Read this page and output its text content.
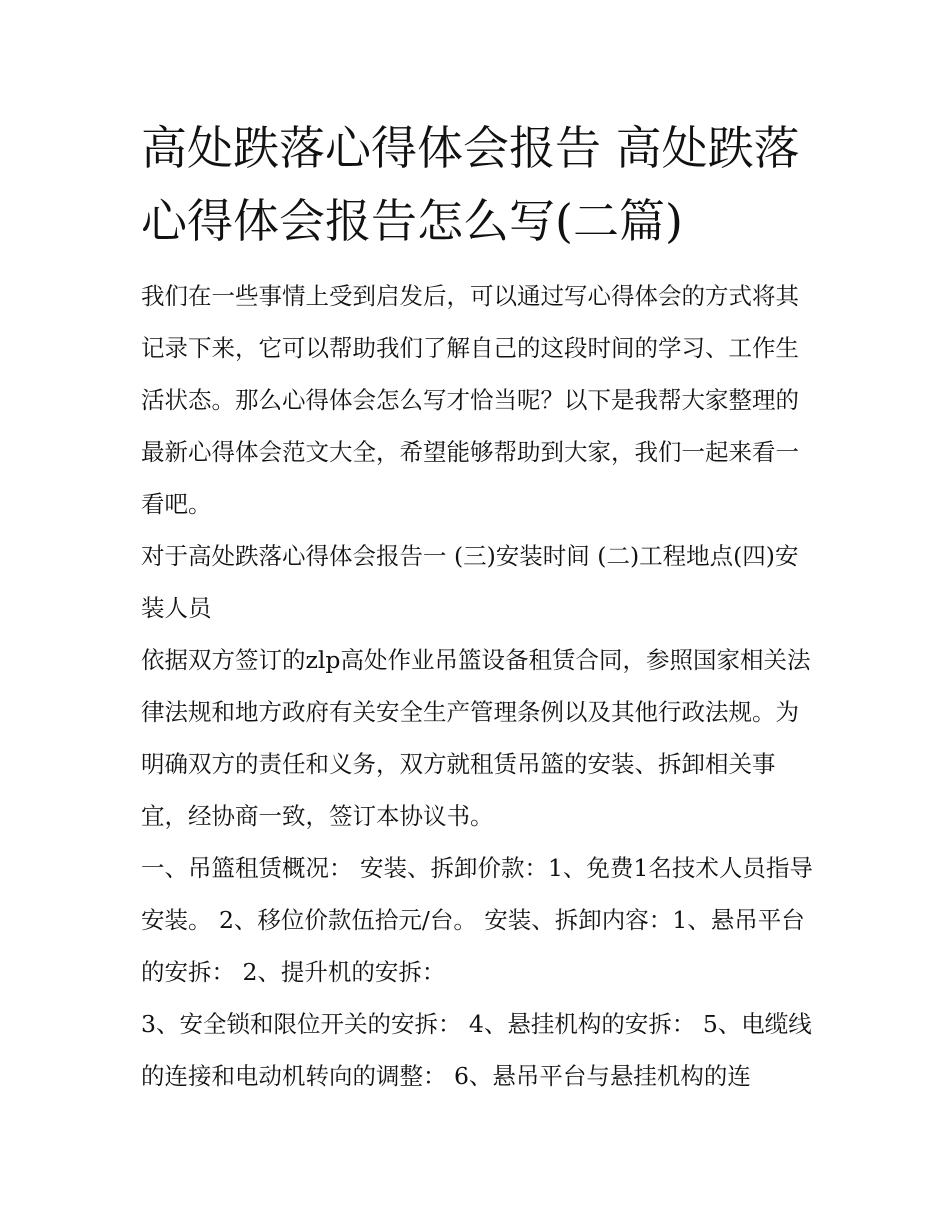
高处跌落心得体会报告 高处跌落心得体会报告怎么写(二篇)

我们在一些事情上受到启发后，可以通过写心得体会的方式将其记录下来，它可以帮助我们了解自己的这段时间的学习、工作生活状态。那么心得体会怎么写才恰当呢？以下是我帮大家整理的最新心得体会范文大全，希望能够帮助到大家，我们一起来看一看吧。

对于高处跌落心得体会报告一 (三)安装时间 (二)工程地点(四)安装人员

依据双方签订的zlp高处作业吊篮设备租赁合同，参照国家相关法律法规和地方政府有关安全生产管理条例以及其他行政法规。为明确双方的责任和义务，双方就租赁吊篮的安装、拆卸相关事宜，经协商一致，签订本协议书。

一、吊篮租赁概况： 安装、拆卸价款：1、免费1名技术人员指导安装。 2、移位价款伍拾元/台。 安装、拆卸内容：1、悬吊平台的安拆： 2、提升机的安拆：

3、安全锁和限位开关的安拆： 4、悬挂机构的安拆： 5、电缆线的连接和电动机转向的调整： 6、悬吊平台与悬挂机构的连
